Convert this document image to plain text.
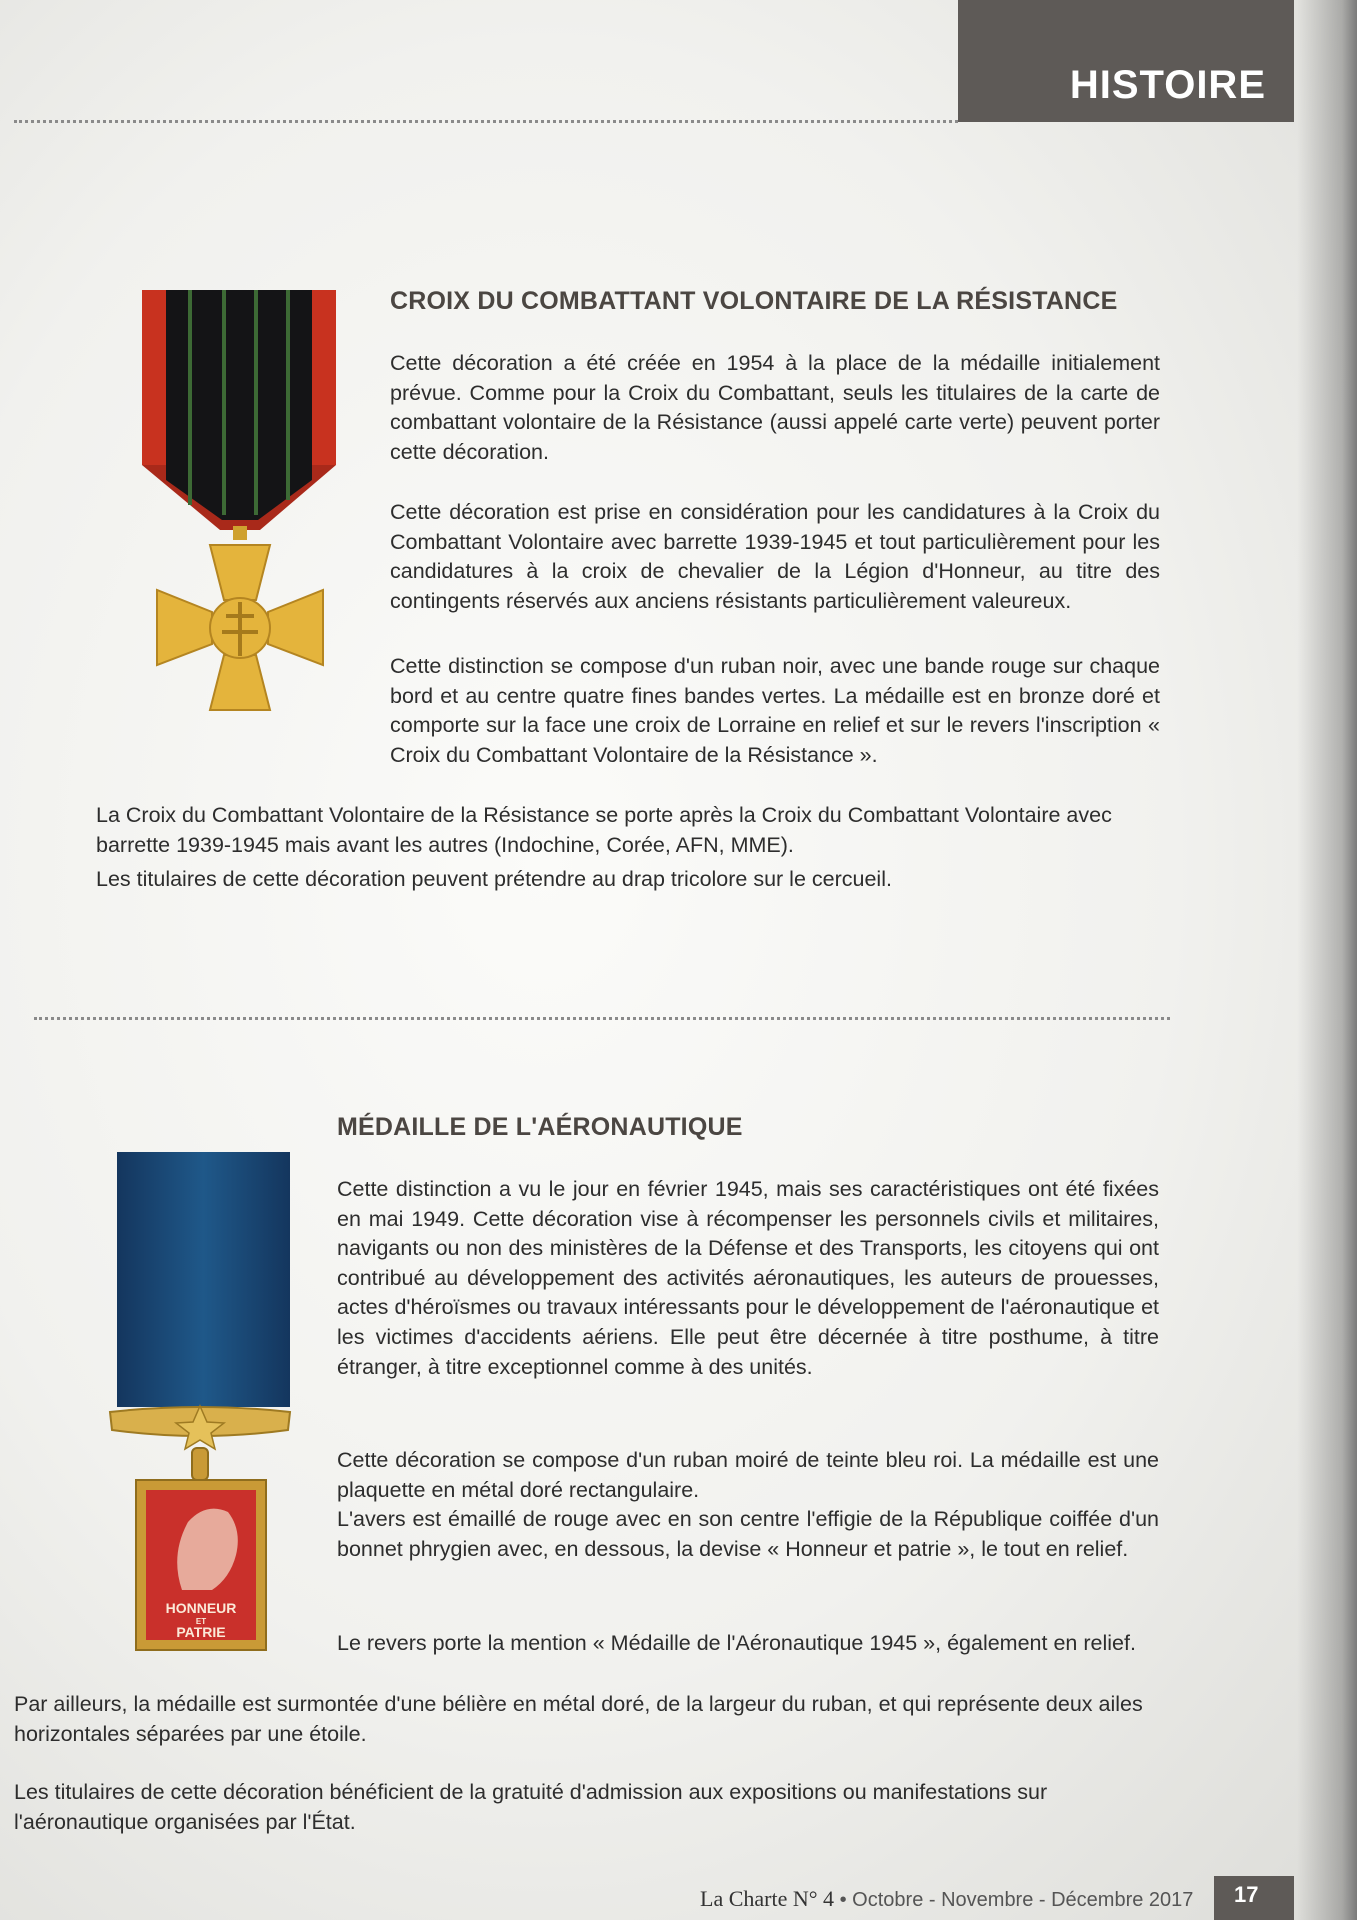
HISTOIRE
CROIX DU COMBATTANT VOLONTAIRE DE LA RÉSISTANCE

Cette décoration a été créée en 1954 à la place de la médaille initialement prévue. Comme pour la Croix du Combattant, seuls les titulaires de la carte de combattant volontaire de la Résistance (aussi appelé carte verte) peuvent porter cette décoration.

Cette décoration est prise en considération pour les candidatures à la Croix du Combattant Volontaire avec barrette 1939-1945 et tout particulièrement pour les candidatures à la croix de chevalier de la Légion d'Honneur, au titre des contingents réservés aux anciens résistants particulièrement valeureux.

Cette distinction se compose d'un ruban noir, avec une bande rouge sur chaque bord et au centre quatre fines bandes vertes. La médaille est en bronze doré et comporte sur la face une croix de Lorraine en relief et sur le revers l'inscription « Croix du Combattant Volontaire de la Résistance ».

La Croix du Combattant Volontaire de la Résistance se porte après la Croix du Combattant Volontaire avec barrette 1939-1945 mais avant les autres (Indochine, Corée, AFN, MME).

Les titulaires de cette décoration peuvent prétendre au drap tricolore sur le cercueil.

MÉDAILLE DE L'AÉRONAUTIQUE
HONNEUR
ET
PATRIE

Cette distinction a vu le jour en février 1945, mais ses caractéristiques ont été fixées en mai 1949. Cette décoration vise à récompenser les personnels civils et militaires, navigants ou non des ministères de la Défense et des Transports, les citoyens qui ont contribué au développement des activités aéronautiques, les auteurs de prouesses, actes d'héroïsmes ou travaux intéressants pour le développement de l'aéronautique et les victimes d'accidents aériens. Elle peut être décernée à titre posthume, à titre étranger, à titre exceptionnel comme à des unités.

Cette décoration se compose d'un ruban moiré de teinte bleu roi. La médaille est une plaquette en métal doré rectangulaire.

L'avers est émaillé de rouge avec en son centre l'effigie de la République coiffée d'un bonnet phrygien avec, en dessous, la devise « Honneur et patrie », le tout en relief.

Le revers porte la mention « Médaille de l'Aéronautique 1945 », également en relief.

Par ailleurs, la médaille est surmontée d'une bélière en métal doré, de la largeur du ruban, et qui représente deux ailes horizontales séparées par une étoile.

Les titulaires de cette décoration bénéficient de la gratuité d'admission aux expositions ou manifestations sur l'aéronautique organisées par l'État.

La Charte N° 4 • Octobre - Novembre - Décembre 2017 17
